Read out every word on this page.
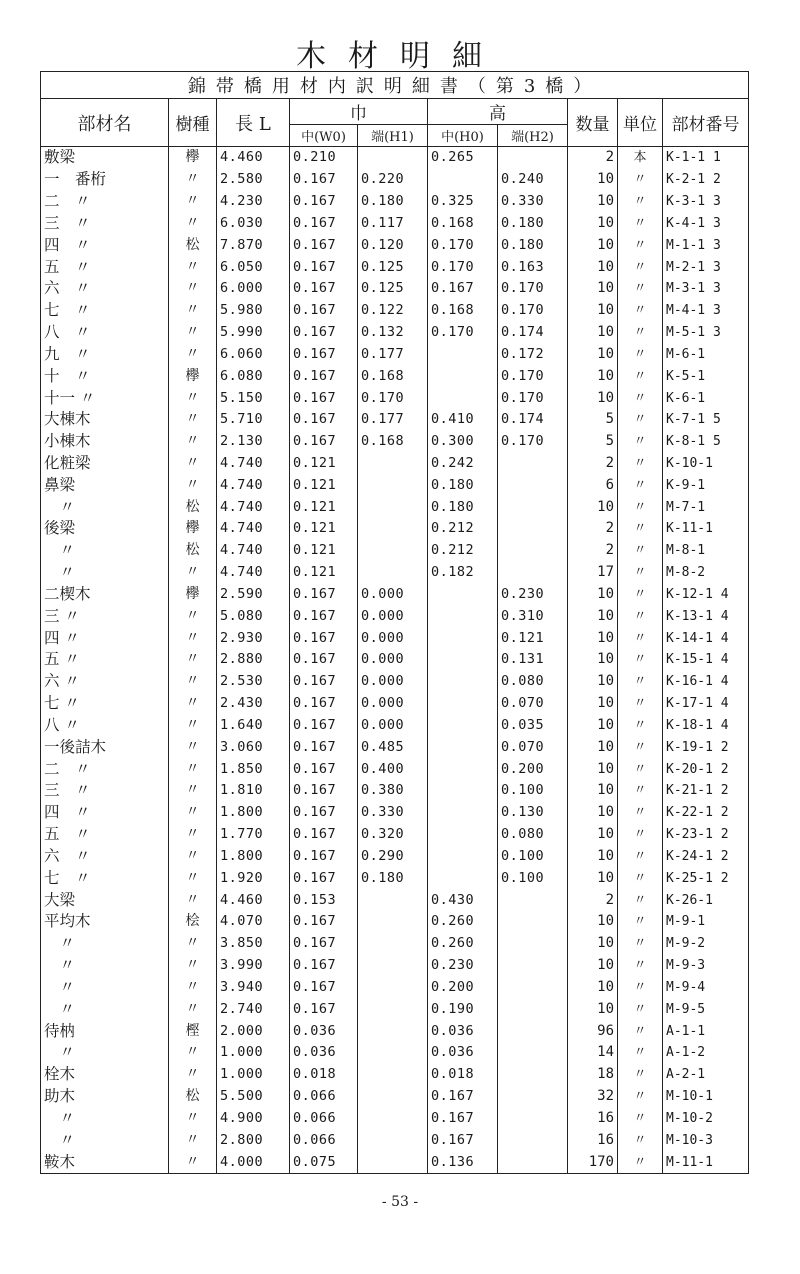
木材明細
錦帯橋用材内訳明細書（第3橋）									
部材名	樹種	長 L	巾		高		数量	単位	部材番号
			中(W0)	端(H1)	中(H0)	端(H2)			
敷梁	欅	4.460	0.210		0.265		2	本	K-1-1 1
一　番桁	〃	2.580	0.167	0.220		0.240	10	〃	K-2-1 2
二　〃	〃	4.230	0.167	0.180	0.325	0.330	10	〃	K-3-1 3
三　〃	〃	6.030	0.167	0.117	0.168	0.180	10	〃	K-4-1 3
四　〃	松	7.870	0.167	0.120	0.170	0.180	10	〃	M-1-1 3
五　〃	〃	6.050	0.167	0.125	0.170	0.163	10	〃	M-2-1 3
六　〃	〃	6.000	0.167	0.125	0.167	0.170	10	〃	M-3-1 3
七　〃	〃	5.980	0.167	0.122	0.168	0.170	10	〃	M-4-1 3
八　〃	〃	5.990	0.167	0.132	0.170	0.174	10	〃	M-5-1 3
九　〃	〃	6.060	0.167	0.177		0.172	10	〃	M-6-1
十　〃	欅	6.080	0.167	0.168		0.170	10	〃	K-5-1
十一 〃	〃	5.150	0.167	0.170		0.170	10	〃	K-6-1
大棟木	〃	5.710	0.167	0.177	0.410	0.174	5	〃	K-7-1 5
小棟木	〃	2.130	0.167	0.168	0.300	0.170	5	〃	K-8-1 5
化粧梁	〃	4.740	0.121		0.242		2	〃	K-10-1
鼻梁	〃	4.740	0.121		0.180		6	〃	K-9-1
　〃	松	4.740	0.121		0.180		10	〃	M-7-1
後梁	欅	4.740	0.121		0.212		2	〃	K-11-1
　〃	松	4.740	0.121		0.212		2	〃	M-8-1
　〃	〃	4.740	0.121		0.182		17	〃	M-8-2
二楔木	欅	2.590	0.167	0.000		0.230	10	〃	K-12-1 4
三 〃	〃	5.080	0.167	0.000		0.310	10	〃	K-13-1 4
四 〃	〃	2.930	0.167	0.000		0.121	10	〃	K-14-1 4
五 〃	〃	2.880	0.167	0.000		0.131	10	〃	K-15-1 4
六 〃	〃	2.530	0.167	0.000		0.080	10	〃	K-16-1 4
七 〃	〃	2.430	0.167	0.000		0.070	10	〃	K-17-1 4
八 〃	〃	1.640	0.167	0.000		0.035	10	〃	K-18-1 4
一後詰木	〃	3.060	0.167	0.485		0.070	10	〃	K-19-1 2
二　〃	〃	1.850	0.167	0.400		0.200	10	〃	K-20-1 2
三　〃	〃	1.810	0.167	0.380		0.100	10	〃	K-21-1 2
四　〃	〃	1.800	0.167	0.330		0.130	10	〃	K-22-1 2
五　〃	〃	1.770	0.167	0.320		0.080	10	〃	K-23-1 2
六　〃	〃	1.800	0.167	0.290		0.100	10	〃	K-24-1 2
七　〃	〃	1.920	0.167	0.180		0.100	10	〃	K-25-1 2
大梁	〃	4.460	0.153		0.430		2	〃	K-26-1
平均木	桧	4.070	0.167		0.260		10	〃	M-9-1
　〃	〃	3.850	0.167		0.260		10	〃	M-9-2
　〃	〃	3.990	0.167		0.230		10	〃	M-9-3
　〃	〃	3.940	0.167		0.200		10	〃	M-9-4
　〃	〃	2.740	0.167		0.190		10	〃	M-9-5
待枘	樫	2.000	0.036		0.036		96	〃	A-1-1
　〃	〃	1.000	0.036		0.036		14	〃	A-1-2
栓木	〃	1.000	0.018		0.018		18	〃	A-2-1
助木	松	5.500	0.066		0.167		32	〃	M-10-1
　〃	〃	4.900	0.066		0.167		16	〃	M-10-2
　〃	〃	2.800	0.066		0.167		16	〃	M-10-3
鞍木	〃	4.000	0.075		0.136		170	〃	M-11-1
- 53 -
